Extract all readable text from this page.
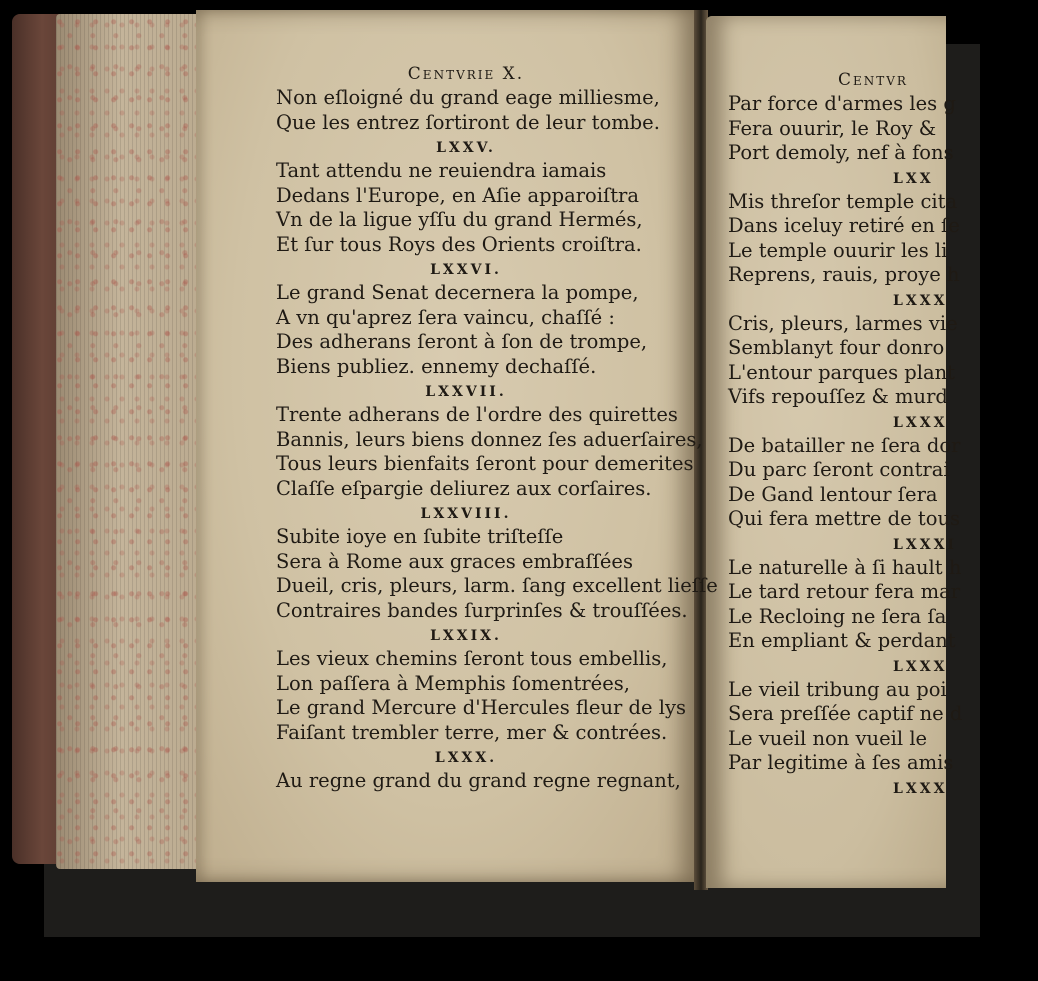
Centvrie X.
Non eſloigné du grand eage milliesme,
Que les entrez ſortiront de leur tombe.
LXXV.
Tant attendu ne reuiendra iamais
Dedans l'Europe, en Aſie apparoiſtra
Vn de la ligue yſſu du grand Hermés,
Et ſur tous Roys des Orients croiſtra.
LXXVI.
Le grand Senat decernera la pompe,
A vn qu'aprez ſera vaincu, chaſſé :
Des adherans ſeront à ſon de trompe,
Biens publiez. ennemy dechaſſé.
LXXVII.
Trente adherans de l'ordre des quirettes
Bannis, leurs biens donnez ſes aduerſaires,
Tous leurs bienfaits ſeront pour demerites
Claſſe eſpargie deliurez aux corſaires.
LXXVIII.
Subite ioye en ſubite triſteſſe
Sera à Rome aux graces embraſſées
Dueil, cris, pleurs, larm. ſang excellent lieſſe
Contraires bandes ſurprinſes & trouſſées.
LXXIX.
Les vieux chemins ſeront tous embellis,
Lon paſſera à Memphis ſomentrées,
Le grand Mercure d'Hercules fleur de lys
Faiſant trembler terre, mer & contrées.
LXXX.
Au regne grand du grand regne regnant,
Centvr
Par force d'armes les g
Fera ouurir, le Roy &
Port demoly, nef à fons
LXX
Mis threſor temple cita
Dans iceluy retiré en ſe
Le temple ouurir les li
Reprens, rauis, proye h
LXXX
Cris, pleurs, larmes vie
Semblanyt four donro
L'entour parques plant
Vifs repouſſez & murd
LXXX
De batailler ne ſera dor
Du parc ſeront contrai
De Gand lentour ſera
Qui fera mettre de tous
LXXXI
Le naturelle à ſi hault h
Le tard retour fera mar
Le Recloing ne ſera ſa
En empliant & perdant
LXXX
Le vieil tribung au poi
Sera preſſée captif ne d
Le vueil non vueil le
Par legitime à ſes amis
LXXX
